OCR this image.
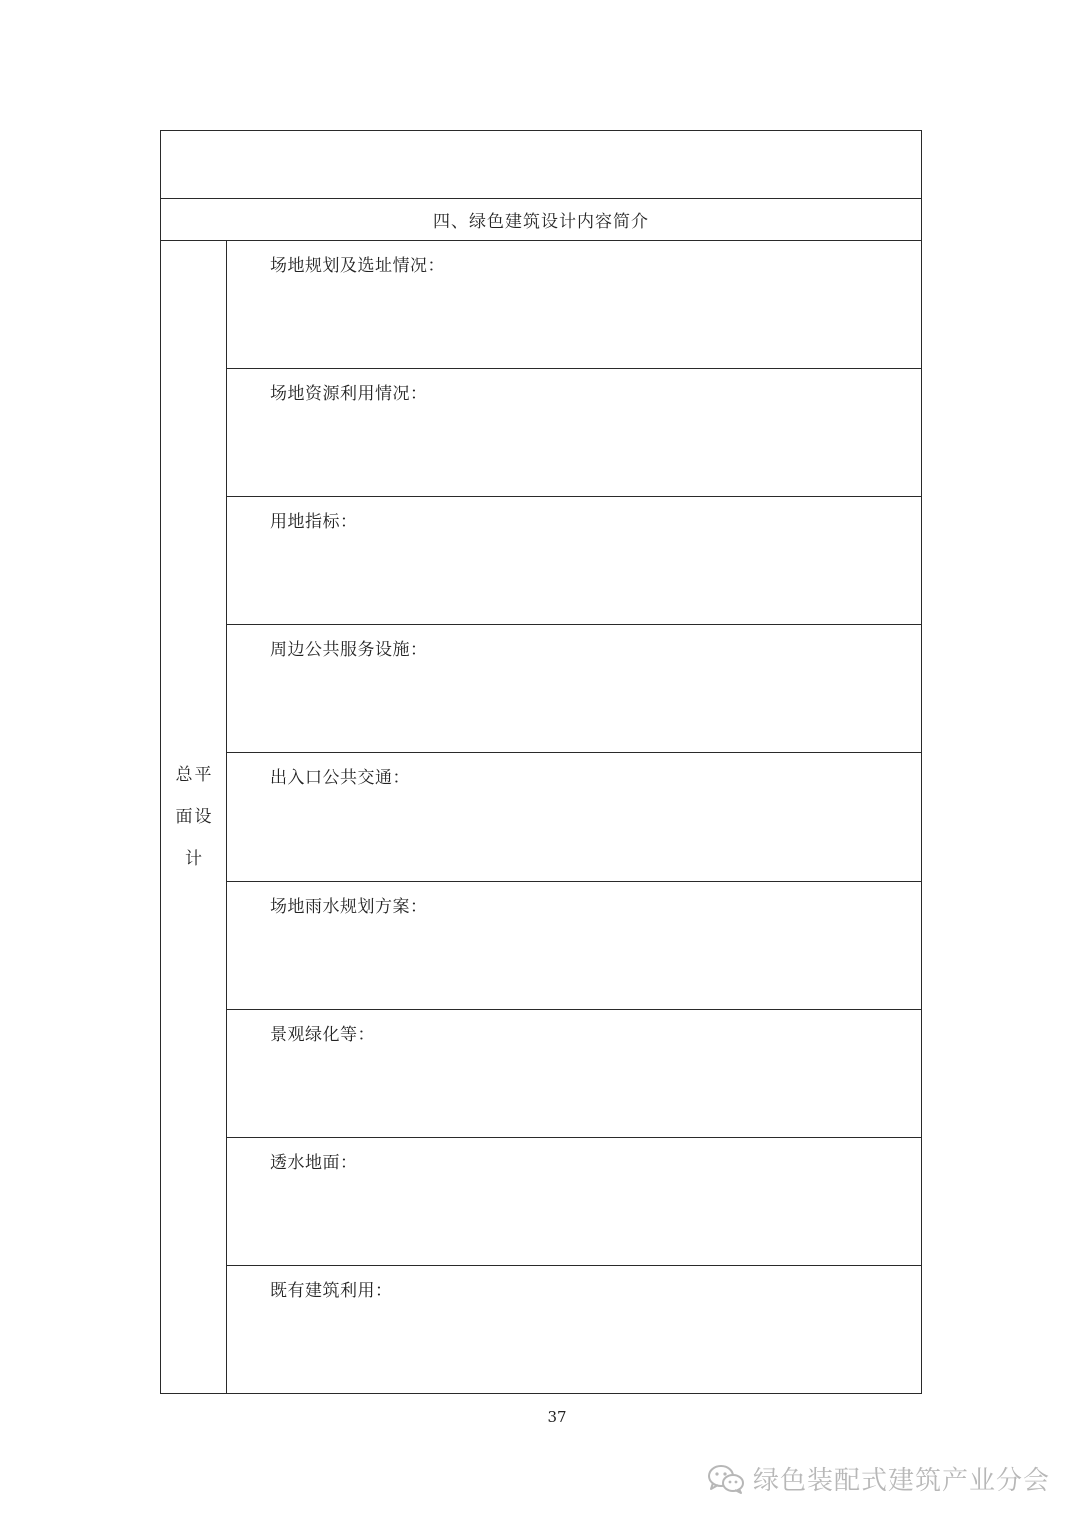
四、绿色建筑设计内容简介

总平
面设
计

场地规划及选址情况：

场地资源利用情况：

用地指标：

周边公共服务设施：

出入口公共交通：

场地雨水规划方案：

景观绿化等：

透水地面：

既有建筑利用：
37
绿色装配式建筑产业分会
